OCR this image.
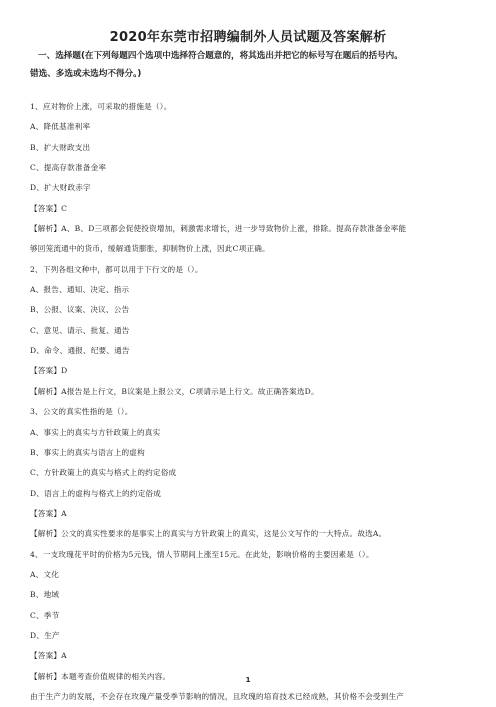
2020年东莞市招聘编制外人员试题及答案解析
一、选择题(在下列每题四个选项中选择符合题意的，将其选出并把它的标号写在题后的括号内。
错选、多选或未选均不得分。)
1、应对物价上涨，可采取的措施是（）。
A、降低基准利率
B、扩大财政支出
C、提高存款准备金率
D、扩大财政赤字
【答案】C
【解析】A、B、D三项都会促使投资增加，刺激需求增长，进一步导致物价上涨，排除。提高存款准备金率能
够回笼流通中的货币，缓解通货膨胀，抑制物价上涨，因此C项正确。
2、下列各组文种中，都可以用于下行文的是（）。
A、报告、通知、决定、指示
B、公报、议案、决议、公告
C、意见、请示、批复、通告
D、命令、通报、纪要、通告
【答案】D
【解析】A报告是上行文，B议案是上报公文，C项请示是上行文。故正确答案选D。
3、公文的真实性指的是（）。
A、事实上的真实与方针政策上的真实
B、事实上的真实与语言上的虚构
C、方针政策上的真实与格式上的约定俗成
D、语言上的虚构与格式上的约定俗成
【答案】A
【解析】公文的真实性要求的是事实上的真实与方针政策上的真实，这是公文写作的一大特点。故选A。
4、一支玫瑰花平时的价格为5元钱，情人节期间上涨至15元。在此处，影响价格的主要因素是（）。
A、文化
B、地域
C、季节
D、生产
【答案】A
【解析】本题考查价值规律的相关内容。
由于生产力的发展，不会存在玫瑰产量受季节影响的情况，且玫瑰的培育技术已经成熟，其价格不会受到生产
1
